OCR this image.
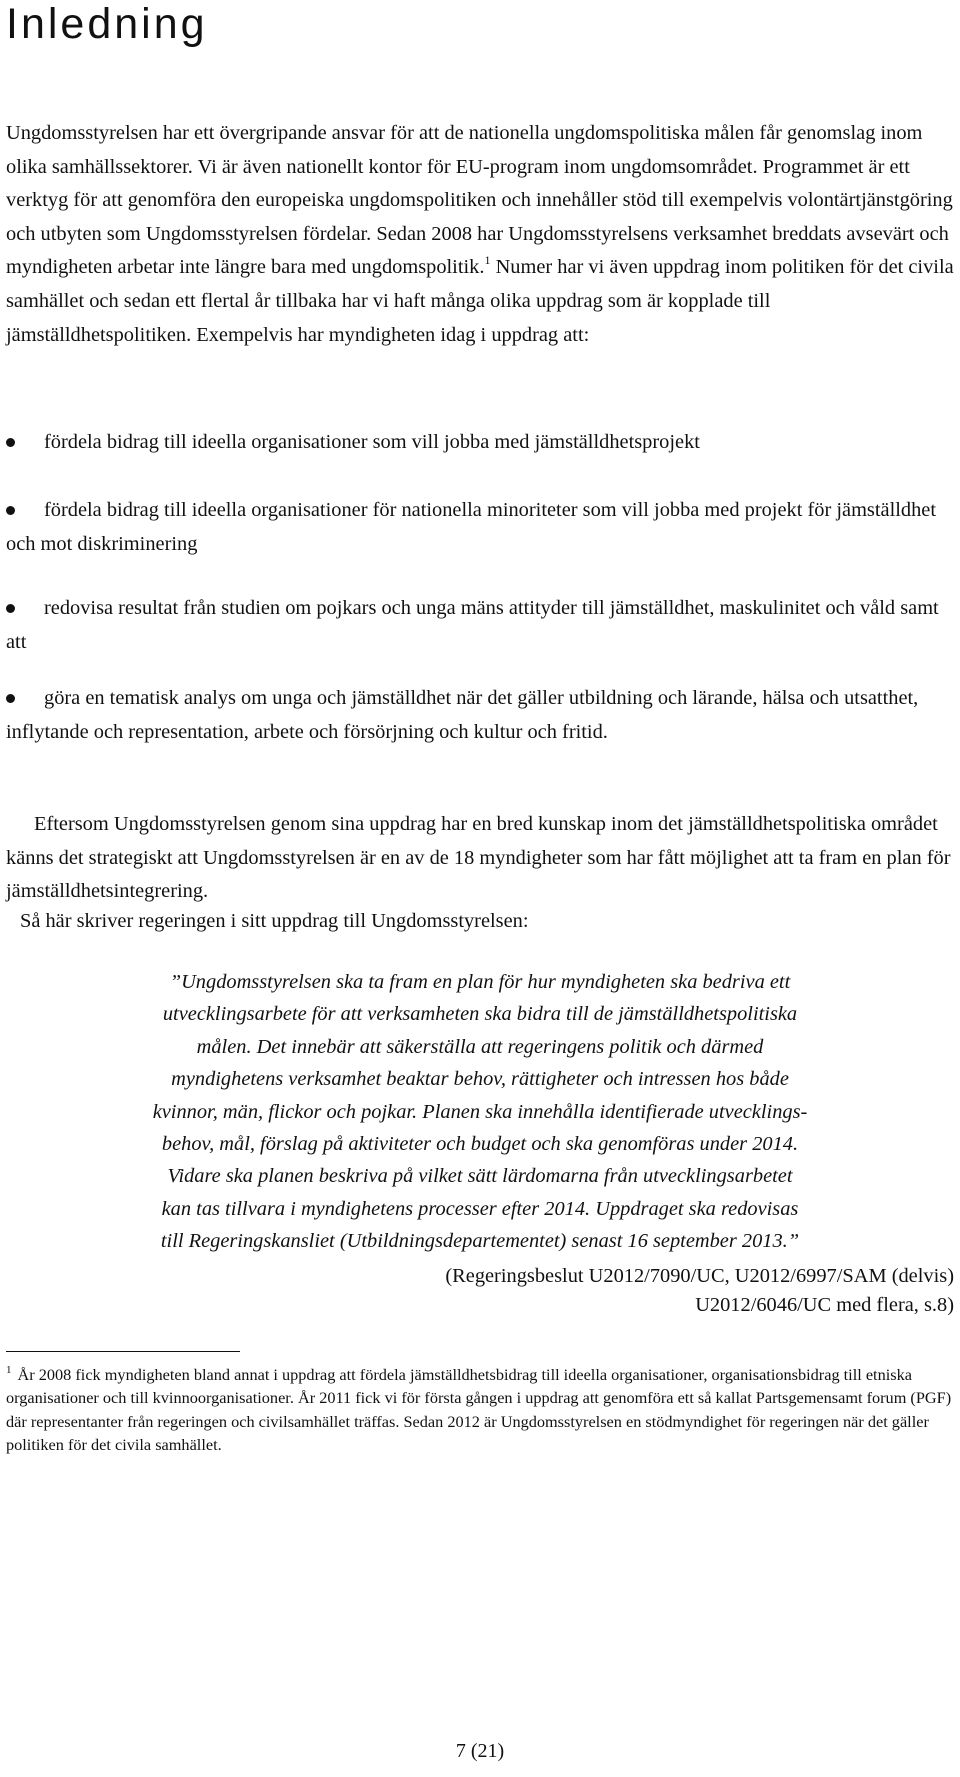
Inledning

Ungdomsstyrelsen har ett övergripande ansvar för att de nationella ungdomspolitiska målen får genomslag inom olika samhällssektorer. Vi är även nationellt kontor för EU-program inom ungdomsområdet. Programmet är ett verktyg för att genomföra den europeiska ungdomspolitiken och innehåller stöd till exempelvis volontärtjänstgöring och utbyten som Ungdomsstyrelsen fördelar. Sedan 2008 har Ungdomsstyrelsens verksamhet breddats avsevärt och myndigheten arbetar inte längre bara med ungdomspolitik.$^1$ Numer har vi även uppdrag inom politiken för det civila samhället och sedan ett flertal år tillbaka har vi haft många olika uppdrag som är kopplade till jämställdhetspolitiken. Exempelvis har myndigheten idag i uppdrag att:

fördela bidrag till ideella organisationer som vill jobba med jämställdhetsprojekt

fördela bidrag till ideella organisationer för nationella minoriteter som vill jobba med projekt för jämställdhet och mot diskriminering

redovisa resultat från studien om pojkars och unga mäns attityder till jämställdhet, maskulinitet och våld samt att

göra en tematisk analys om unga och jämställdhet när det gäller utbildning och lärande, hälsa och utsatthet, inflytande och representation, arbete och försörjning och kultur och fritid.

Eftersom Ungdomsstyrelsen genom sina uppdrag har en bred kunskap inom det jämställdhetspolitiska området känns det strategiskt att Ungdomsstyrelsen är en av de 18 myndigheter som har fått möjlighet att ta fram en plan för jämställdhetsintegrering.

Så här skriver regeringen i sitt uppdrag till Ungdomsstyrelsen:

”Ungdomsstyrelsen ska ta fram en plan för hur myndigheten ska bedriva ett
utvecklingsarbete för att verksamheten ska bidra till de jämställdhetspolitiska
målen. Det innebär att säkerställa att regeringens politik och därmed
myndighetens verksamhet beaktar behov, rättigheter och intressen hos både
kvinnor, män, flickor och pojkar. Planen ska innehålla identifierade utvecklings-
behov, mål, förslag på aktiviteter och budget och ska genomföras under 2014.
Vidare ska planen beskriva på vilket sätt lärdomarna från utvecklingsarbetet
kan tas tillvara i myndighetens processer efter 2014. Uppdraget ska redovisas
till Regeringskansliet (Utbildningsdepartementet) senast 16 september 2013.”

(Regeringsbeslut U2012/7090/UC, U2012/6997/SAM (delvis)
U2012/6046/UC med flera, s.8)

$^1$ År 2008 fick myndigheten bland annat i uppdrag att fördela jämställdhetsbidrag till ideella organisationer, organisationsbidrag till etniska organisationer och till kvinnoorganisationer. År 2011 fick vi för första gången i uppdrag att genomföra ett så kallat Partsgemensamt forum (PGF) där representanter från regeringen och civilsamhället träffas. Sedan 2012 är Ungdomsstyrelsen en stödmyndighet för regeringen när det gäller politiken för det civila samhället.

7 (21)
